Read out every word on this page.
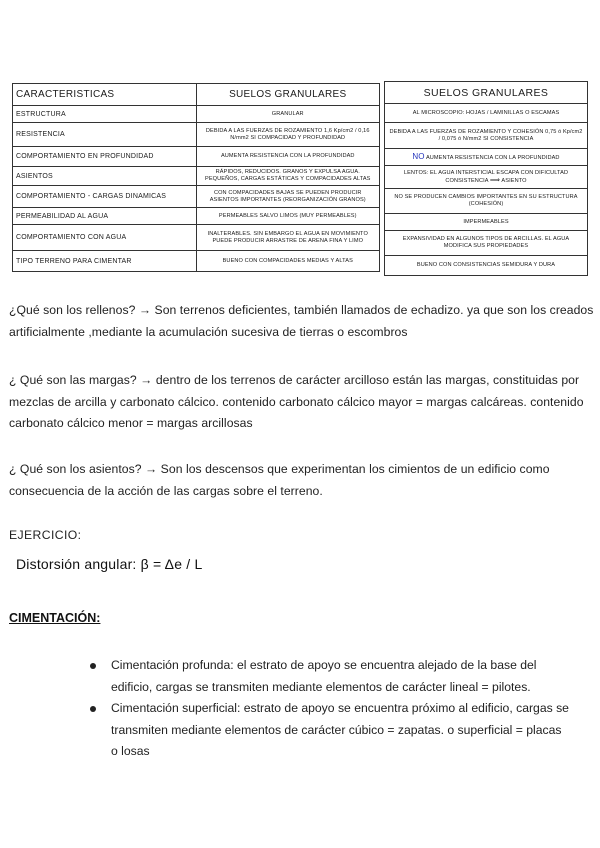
CARACTERISTICAS	SUELOS GRANULARES
ESTRUCTURA	GRANULAR
RESISTENCIA	DEBIDA A LAS FUERZAS DE ROZAMIENTO 1,6 Kp/cm2 / 0,16 N/mm2 SI COMPACIDAD Y PROFUNDIDAD
COMPORTAMIENTO EN PROFUNDIDAD	AUMENTA RESISTENCIA CON LA PROFUNDIDAD
ASIENTOS	RÁPIDOS, REDUCIDOS. GRANOS Y EXPULSA AGUA. PEQUEÑOS, CARGAS ESTÁTICAS Y COMPACIDADES ALTAS
COMPORTAMIENTO - CARGAS DINAMICAS	CON COMPACIDADES BAJAS SE PUEDEN PRODUCIR ASIENTOS IMPORTANTES (REORGANIZACIÓN GRANOS)
PERMEABILIDAD AL AGUA	PERMEABLES SALVO LIMOS (MUY PERMEABLES)
COMPORTAMIENTO CON AGUA	INALTERABLES. SIN EMBARGO EL AGUA EN MOVIMIENTO PUEDE PRODUCIR ARRASTRE DE ARENA FINA Y LIMO
TIPO TERRENO PARA CIMENTAR	BUENO CON COMPACIDADES MEDIAS Y ALTAS
SUELOS GRANULARES
AL MICROSCOPIO: HOJAS / LAMINILLAS O ESCAMAS
DEBIDA A LAS FUERZAS DE ROZAMIENTO Y COHESIÓN 0,75 ó Kp/cm2 / 0,075 ó N/mm2 SI CONSISTENCIA
NO AUMENTA RESISTENCIA CON LA PROFUNDIDAD
LENTOS: EL AGUA INTERSTICIAL ESCAPA CON DIFICULTAD
CONSISTENCIA ⟹ ASIENTO
NO SE PRODUCEN CAMBIOS IMPORTANTES EN SU ESTRUCTURA (COHESIÓN)
IMPERMEABLES
EXPANSIVIDAD EN ALGUNOS TIPOS DE ARCILLAS. EL AGUA MODIFICA SUS PROPIEDADES
BUENO CON CONSISTENCIAS SEMIDURA Y DURA

¿Qué son los rellenos? → Son terrenos deficientes, también llamados de echadizo. ya que son los creados artificialmente ,mediante la acumulación sucesiva de tierras o escombros

¿ Qué son las margas? → dentro de los terrenos de carácter arcilloso están las margas, constituidas por mezclas de arcilla y carbonato cálcico. contenido carbonato cálcico mayor = margas calcáreas. contenido carbonato cálcico menor = margas arcillosas

¿ Qué son los asientos? → Son los descensos que experimentan los cimientos de un edificio como consecuencia de la acción de las cargas sobre el terreno.

EJERCICIO:
Distorsión angular: β = Δe / L
CIMENTACIÓN:
Cimentación profunda: el estrato de apoyo se encuentra alejado de la base del edificio, cargas se transmiten mediante elementos de carácter lineal = pilotes.
Cimentación superficial: estrato de apoyo se encuentra próximo al edificio, cargas se transmiten mediante elementos de carácter cúbico = zapatas. o superficial = placas o losas
